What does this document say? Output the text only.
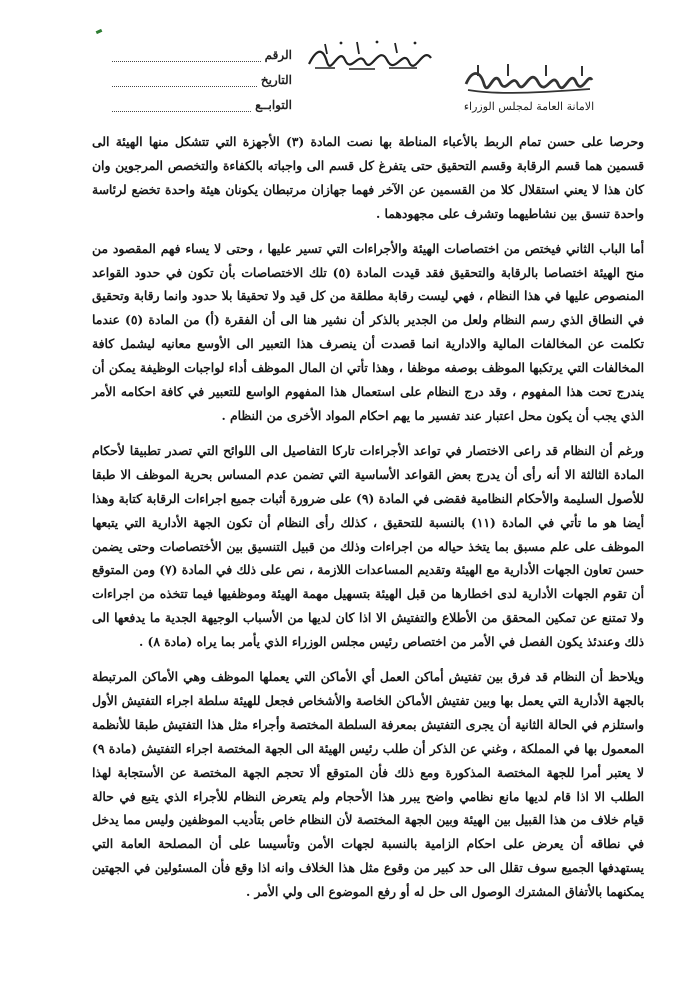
الرقم
التاريخ
التوابــع	الامانة العامة لمجلس الوزراء

وحرصا على حسن تمام الربط بالأعباء المناطة بها نصت المادة (٣) الأجهزة التي تتشكل منها الهيئة الى قسمين هما قسم الرقابة وقسم التحقيق حتى يتفرغ كل قسم الى واجباته بالكفاءة والتخصص المرجوين وان كان هذا لا يعني استقلال كلا من القسمين عن الآخر فهما جهازان مرتبطان يكونان هيئة واحدة تخضع لرئاسة واحدة تنسق بين نشاطيهما وتشرف على مجهودهما .

أما الباب الثاني فيختص من اختصاصات الهيئة والأجراءات التي تسير عليها ، وحتى لا يساء فهم المقصود من منح الهيئة اختصاصا بالرقابة والتحقيق فقد قيدت المادة (٥) تلك الاختصاصات بأن تكون في حدود القواعد المنصوص عليها في هذا النظام ، فهي ليست رقابة مطلقة من كل قيد ولا تحقيقا بلا حدود وانما رقابة وتحقيق في النطاق الذي رسم النظام ولعل من الجدير بالذكر أن نشير هنا الى أن الفقرة (أ) من المادة (٥) عندما تكلمت عن المخالفات المالية والادارية انما قصدت أن ينصرف هذا التعبير الى الأوسع معانيه ليشمل كافة المخالفات التي يرتكبها الموظف بوصفه موظفا ، وهذا تأتي ان المال الموظف أداء لواجبات الوظيفة يمكن أن يندرج تحت هذا المفهوم ، وقد درج النظام على استعمال هذا المفهوم الواسع للتعبير في كافة احكامه الأمر الذي يجب أن يكون محل اعتبار عند تفسير ما يهم احكام المواد الأخرى من النظام .

ورغم أن النظام قد راعى الاختصار في تواعد الأجراءات تاركا التفاصيل الى اللوائح التي تصدر تطبيقا لأحكام المادة الثالثة الا أنه رأى أن يدرج بعض القواعد الأساسية التي تضمن عدم المساس بحرية الموظف الا طبقا للأصول السليمة والأحكام النظامية فقضى في المادة (٩) على ضرورة أثبات جميع اجراءات الرقابة كتابة وهذا أيضا هو ما تأتي في المادة (١١) بالنسبة للتحقيق ، كذلك رأى النظام أن تكون الجهة الأدارية التي يتبعها الموظف على علم مسبق بما يتخذ حياله من اجراءات وذلك من قبيل التنسيق بين الأختصاصات وحتى يضمن حسن تعاون الجهات الأدارية مع الهيئة وتقديم المساعدات اللازمة ، نص على ذلك في المادة (٧) ومن المتوقع أن تقوم الجهات الأدارية لدى اخطارها من قبل الهيئة بتسهيل مهمة الهيئة وموظفيها فيما تتخذه من اجراءات ولا تمتنع عن تمكين المحقق من الأطلاع والتفتيش الا اذا كان لديها من الأسباب الوجيهة الجدية ما يدفعها الى ذلك وعندئذ يكون الفصل في الأمر من اختصاص رئيس مجلس الوزراء الذي يأمر بما يراه (مادة ٨) .

ويلاحظ أن النظام قد فرق بين تفتيش أماكن العمل أي الأماكن التي يعملها الموظف وهي الأماكن المرتبطة بالجهة الأدارية التي يعمل بها وبين تفتيش الأماكن الخاصة والأشخاص فجعل للهيئة سلطة اجراء التفتيش الأول واستلزم في الحالة الثانية أن يجرى التفتيش بمعرفة السلطة المختصة وأجراء مثل هذا التفتيش طبقا للأنظمة المعمول بها في المملكة ، وغني عن الذكر أن طلب رئيس الهيئة الى الجهة المختصة اجراء التفتيش (مادة ٩) لا يعتبر أمرا للجهة المختصة المذكورة ومع ذلك فأن المتوقع ألا تحجم الجهة المختصة عن الأستجابة لهذا الطلب الا اذا قام لديها مانع نظامي واضح يبرر هذا الأحجام ولم يتعرض النظام للأجراء الذي يتبع في حالة قيام خلاف من هذا القبيل بين الهيئة وبين الجهة المختصة لأن النظام خاص بتأديب الموظفين وليس مما يدخل في نطاقه أن يعرض على احكام الزامية بالنسبة لجهات الأمن وتأسيسا على أن المصلحة العامة التي يستهدفها الجميع سوف تقلل الى حد كبير من وقوع مثل هذا الخلاف وانه اذا وقع فأن المسئولين في الجهتين يمكنهما بالأتفاق المشترك الوصول الى حل له أو رفع الموضوع الى ولي الأمر .
